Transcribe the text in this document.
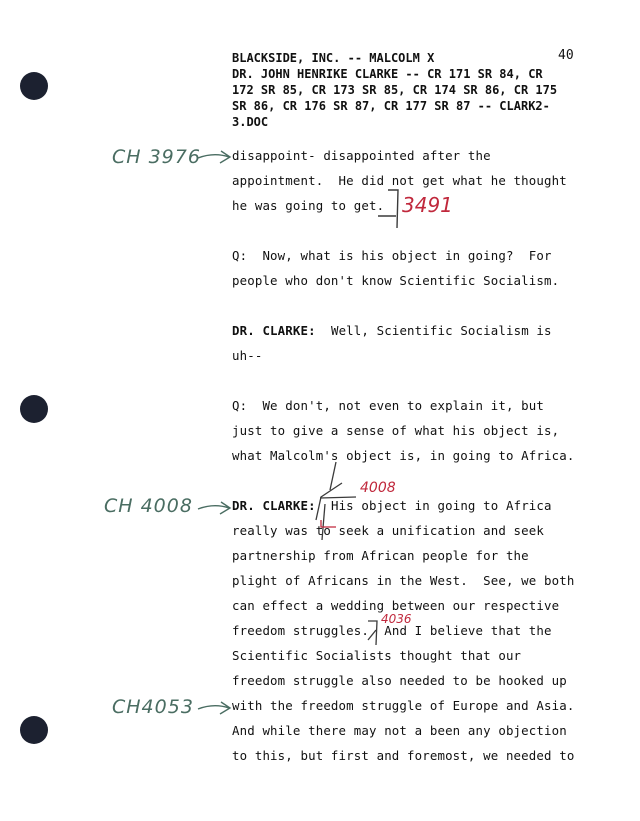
BLACKSIDE, INC. -- MALCOLM X
DR. JOHN HENRIKE CLARKE -- CR 171 SR 84, CR
172 SR 85, CR 173 SR 85, CR 174 SR 86, CR 175
SR 86, CR 176 SR 87, CR 177 SR 87 -- CLARK2-
3.DOC
40
disappoint- disappointed after the
appointment.  He did not get what he thought
he was going to get.
Q:  Now, what is his object in going?  For
people who don't know Scientific Socialism.
DR. CLARKE: Well, Scientific Socialism is
uh--
Q:  We don't, not even to explain it, but
just to give a sense of what his object is,
what Malcolm's object is, in going to Africa.
DR. CLARKE: His object in going to Africa
really was to seek a unification and seek
partnership from African people for the
plight of Africans in the West.  See, we both
can effect a wedding between our respective
freedom struggles. And I believe that the
Scientific Socialists thought that our
freedom struggle also needed to be hooked up
with the freedom struggle of Europe and Asia.
And while there may not a been any objection
to this, but first and foremost, we needed to
CH 3976
CH 4008
CH4053
3491
4008
4036
